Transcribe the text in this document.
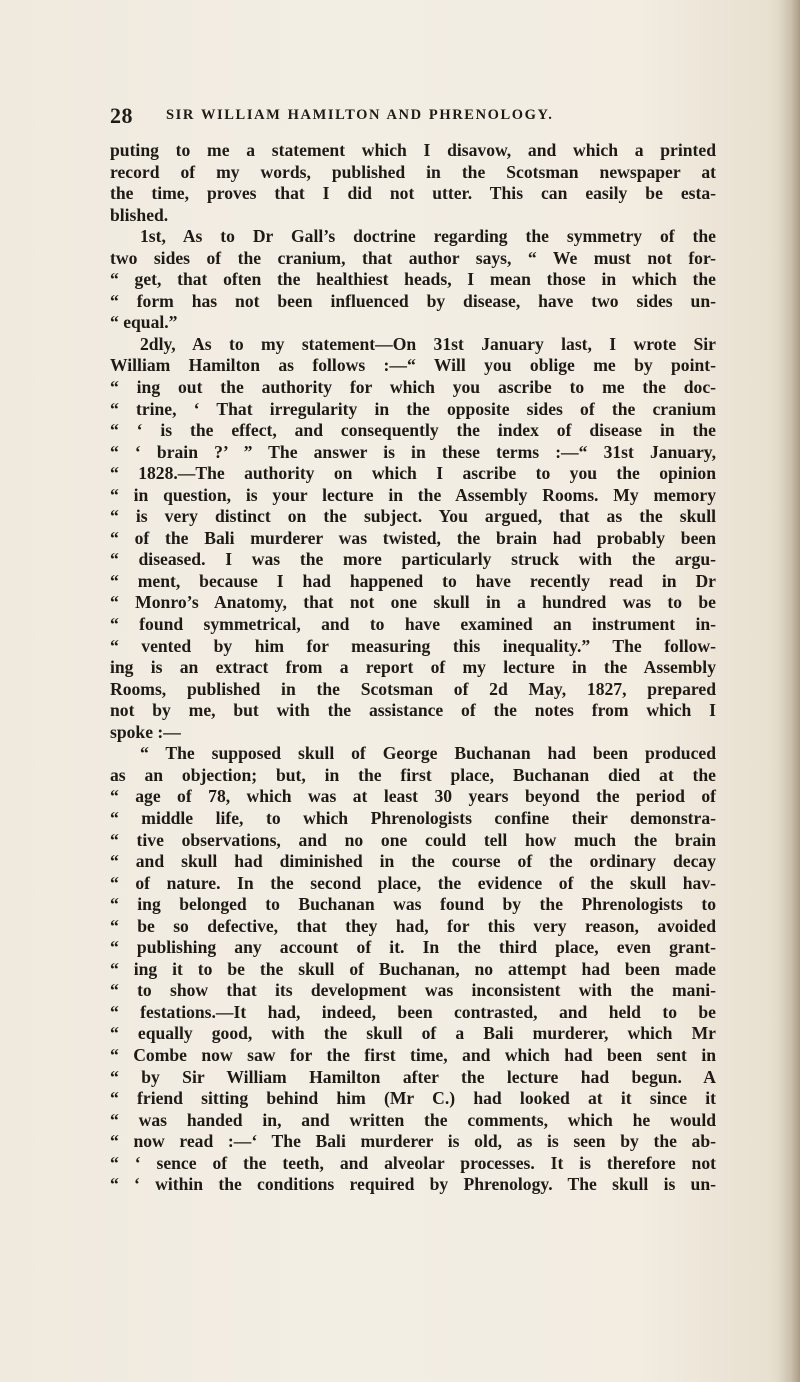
28 SIR WILLIAM HAMILTON AND PHRENOLOGY.
puting to me a statement which I disavow, and which a printed
record of my words, published in the Scotsman newspaper at
the time, proves that I did not utter. This can easily be esta-
blished.
1st, As to Dr Gall’s doctrine regarding the symmetry of the
two sides of the cranium, that author says, “ We must not for-
“ get, that often the healthiest heads, I mean those in which the
“ form has not been influenced by disease, have two sides un-
“ equal.”
2dly, As to my statement—On 31st January last, I wrote Sir
William Hamilton as follows :—“ Will you oblige me by point-
“ ing out the authority for which you ascribe to me the doc-
“ trine, ‘ That irregularity in the opposite sides of the cranium
“ ‘ is the effect, and consequently the index of disease in the
“ ‘ brain ?’ ” The answer is in these terms :—“ 31st January,
“ 1828.—The authority on which I ascribe to you the opinion
“ in question, is your lecture in the Assembly Rooms. My memory
“ is very distinct on the subject. You argued, that as the skull
“ of the Bali murderer was twisted, the brain had probably been
“ diseased. I was the more particularly struck with the argu-
“ ment, because I had happened to have recently read in Dr
“ Monro’s Anatomy, that not one skull in a hundred was to be
“ found symmetrical, and to have examined an instrument in-
“ vented by him for measuring this inequality.” The follow-
ing is an extract from a report of my lecture in the Assembly
Rooms, published in the Scotsman of 2d May, 1827, prepared
not by me, but with the assistance of the notes from which I
spoke :—
“ The supposed skull of George Buchanan had been produced
as an objection; but, in the first place, Buchanan died at the
“ age of 78, which was at least 30 years beyond the period of
“ middle life, to which Phrenologists confine their demonstra-
“ tive observations, and no one could tell how much the brain
“ and skull had diminished in the course of the ordinary decay
“ of nature. In the second place, the evidence of the skull hav-
“ ing belonged to Buchanan was found by the Phrenologists to
“ be so defective, that they had, for this very reason, avoided
“ publishing any account of it. In the third place, even grant-
“ ing it to be the skull of Buchanan, no attempt had been made
“ to show that its development was inconsistent with the mani-
“ festations.—It had, indeed, been contrasted, and held to be
“ equally good, with the skull of a Bali murderer, which Mr
“ Combe now saw for the first time, and which had been sent in
“ by Sir William Hamilton after the lecture had begun. A
“ friend sitting behind him (Mr C.) had looked at it since it
“ was handed in, and written the comments, which he would
“ now read :—‘ The Bali murderer is old, as is seen by the ab-
“ ‘ sence of the teeth, and alveolar processes. It is therefore not
“ ‘ within the conditions required by Phrenology. The skull is un-
